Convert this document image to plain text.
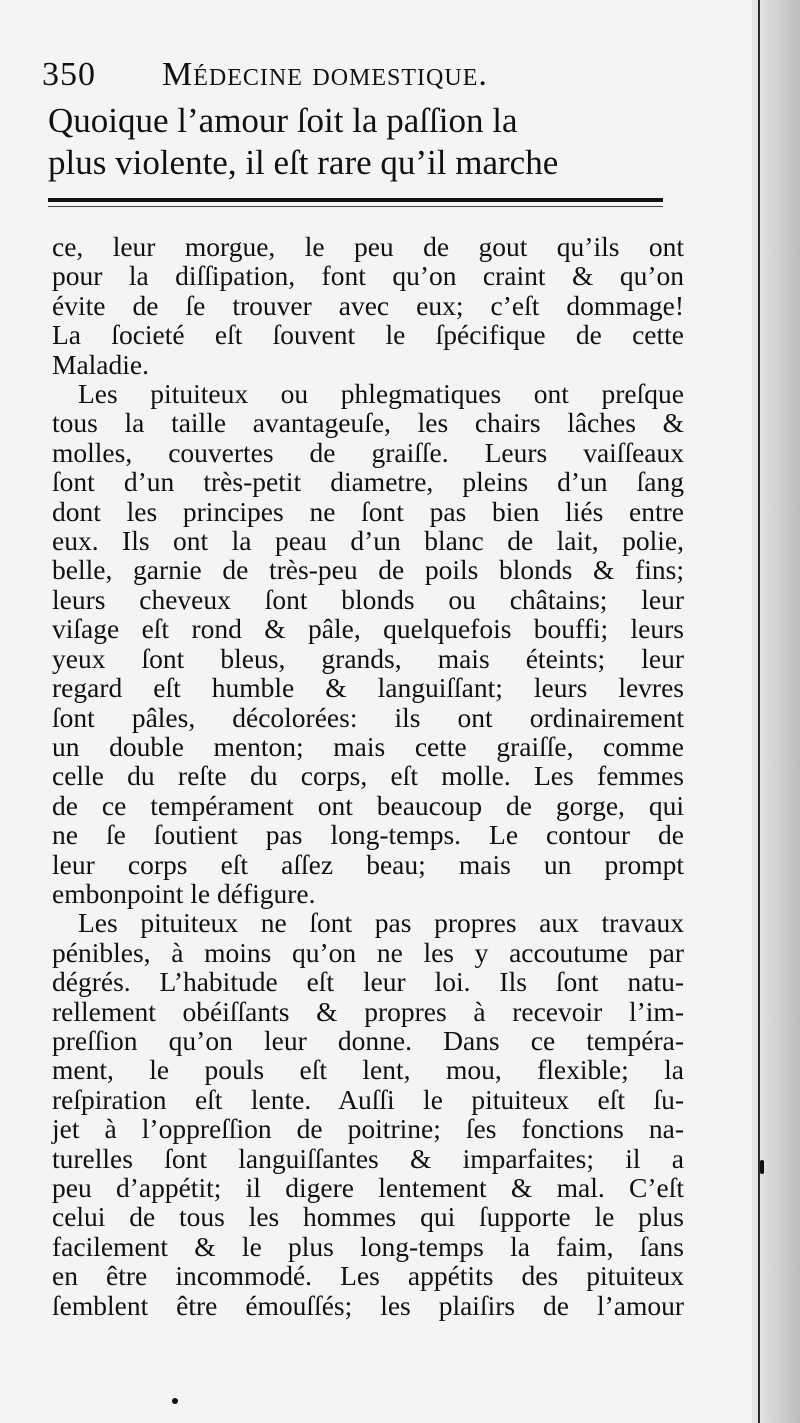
350 Médecine domestique.
Quoique l’amour ſoit la paſſion la
plus violente, il eſt rare qu’il marche
ce, leur morgue, le peu de gout qu’ils ont
pour la diſſipation, font qu’on craint & qu’on
évite de ſe trouver avec eux; c’eſt dommage!
La ſocieté eſt ſouvent le ſpécifique de cette
Maladie.
Les pituiteux ou phlegmatiques ont preſque
tous la taille avantageuſe, les chairs lâches &
molles, couvertes de graiſſe. Leurs vaiſſeaux
ſont d’un très-petit diametre, pleins d’un ſang
dont les principes ne ſont pas bien liés entre
eux. Ils ont la peau d’un blanc de lait, polie,
belle, garnie de très-peu de poils blonds & fins;
leurs cheveux ſont blonds ou châtains; leur
viſage eſt rond & pâle, quelquefois bouffi; leurs
yeux ſont bleus, grands, mais éteints; leur
regard eſt humble & languiſſant; leurs levres
ſont pâles, décolorées: ils ont ordinairement
un double menton; mais cette graiſſe, comme
celle du reſte du corps, eſt molle. Les femmes
de ce tempérament ont beaucoup de gorge, qui
ne ſe ſoutient pas long-temps. Le contour de
leur corps eſt aſſez beau; mais un prompt
embonpoint le défigure.
Les pituiteux ne ſont pas propres aux travaux
pénibles, à moins qu’on ne les y accoutume par
dégrés. L’habitude eſt leur loi. Ils ſont natu-
rellement obéiſſants & propres à recevoir l’im-
preſſion qu’on leur donne. Dans ce tempéra-
ment, le pouls eſt lent, mou, flexible; la
reſpiration eſt lente. Auſſi le pituiteux eſt ſu-
jet à l’oppreſſion de poitrine; ſes fonctions na-
turelles ſont languiſſantes & imparfaites; il a
peu d’appétit; il digere lentement & mal. C’eſt
celui de tous les hommes qui ſupporte le plus
facilement & le plus long-temps la faim, ſans
en être incommodé. Les appétits des pituiteux
ſemblent être émouſſés; les plaiſirs de l’amour
